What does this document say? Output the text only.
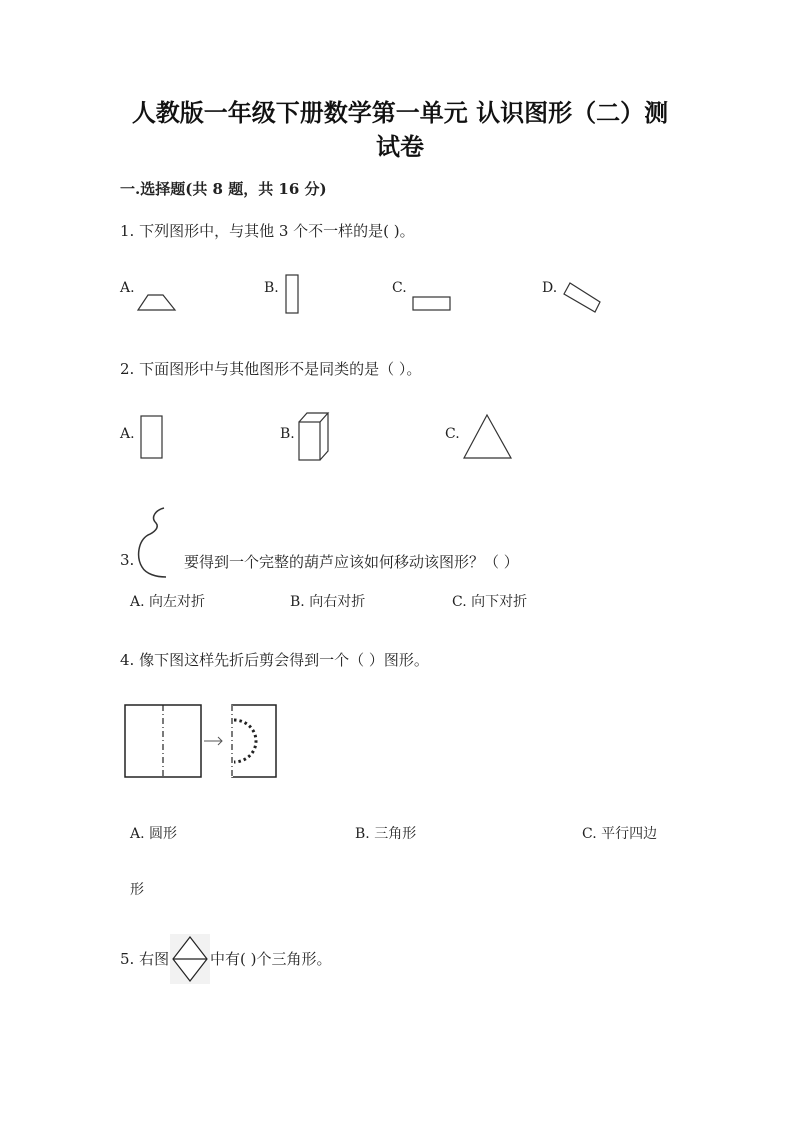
人教版一年级下册数学第一单元 认识图形（二）测
试卷
一.选择题(共 8 题，共 16 分)
1. 下列图形中，与其他 3 个不一样的是( )。
A.	B.	C.	D.
2. 下面图形中与其他图形不是同类的是（ ）。
A.	B.	C.
3.	要得到一个完整的葫芦应该如何移动该图形？（ ）
A. 向左对折	B. 向右对折	C. 向下对折
4. 像下图这样先折后剪会得到一个（ ）图形。
A. 圆形	B. 三角形	C. 平行四边
形
5. 右图	中有( )个三角形。
